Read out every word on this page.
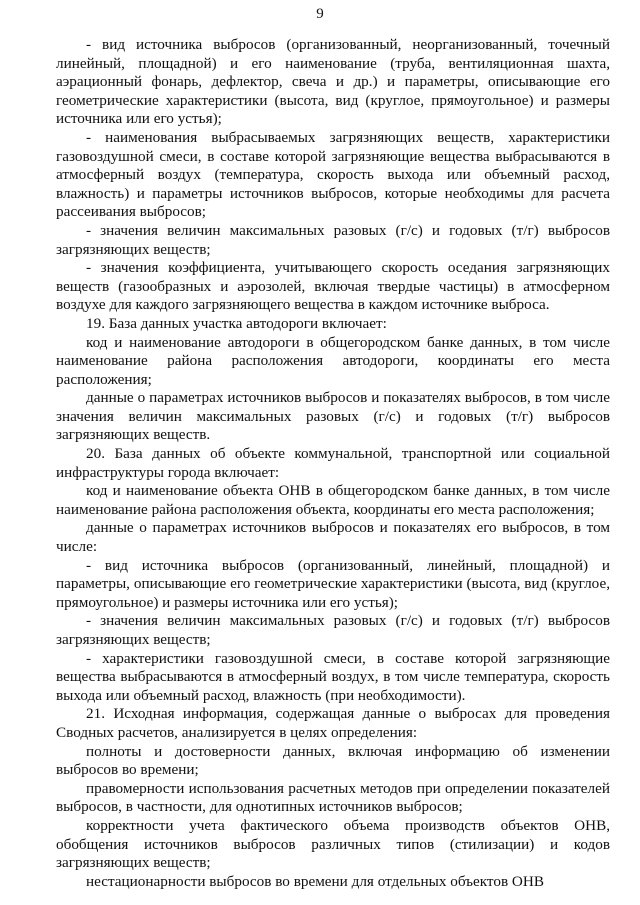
9

- вид источника выбросов (организованный, неорганизованный, точечный линейный, площадной) и его наименование (труба, вентиляционная шахта, аэрационный фонарь, дефлектор, свеча и др.) и параметры, описывающие его геометрические характеристики (высота, вид (круглое, прямоугольное) и размеры источника или его устья);

- наименования выбрасываемых загрязняющих веществ, характеристики газовоздушной смеси, в составе которой загрязняющие вещества выбрасываются в атмосферный воздух (температура, скорость выхода или объемный расход, влажность) и параметры источников выбросов, которые необходимы для расчета рассеивания выбросов;

- значения величин максимальных разовых (г/с) и годовых (т/г) выбросов загрязняющих веществ;

- значения коэффициента, учитывающего скорость оседания загрязняющих веществ (газообразных и аэрозолей, включая твердые частицы) в атмосферном воздухе для каждого загрязняющего вещества в каждом источнике выброса.

19. База данных участка автодороги включает:

код и наименование автодороги в общегородском банке данных, в том числе наименование района расположения автодороги, координаты его места расположения;

данные о параметрах источников выбросов и показателях выбросов, в том числе значения величин максимальных разовых (г/с) и годовых (т/г) выбросов загрязняющих веществ.

20. База данных об объекте коммунальной, транспортной или социальной инфраструктуры города включает:

код и наименование объекта ОНВ в общегородском банке данных, в том числе наименование района расположения объекта, координаты его места расположения;

данные о параметрах источников выбросов и показателях его выбросов, в том числе:

- вид источника выбросов (организованный, линейный, площадной) и параметры, описывающие его геометрические характеристики (высота, вид (круглое, прямоугольное) и размеры источника или его устья);

- значения величин максимальных разовых (г/с) и годовых (т/г) выбросов загрязняющих веществ;

- характеристики газовоздушной смеси, в составе которой загрязняющие вещества выбрасываются в атмосферный воздух, в том числе температура, скорость выхода или объемный расход, влажность (при необходимости).

21. Исходная информация, содержащая данные о выбросах для проведения Сводных расчетов, анализируется в целях определения:

полноты и достоверности данных, включая информацию об изменении выбросов во времени;

правомерности использования расчетных методов при определении показателей выбросов, в частности, для однотипных источников выбросов;

корректности учета фактического объема производств объектов ОНВ, обобщения источников выбросов различных типов (стилизации) и кодов загрязняющих веществ;

нестационарности выбросов во времени для отдельных объектов ОНВ
